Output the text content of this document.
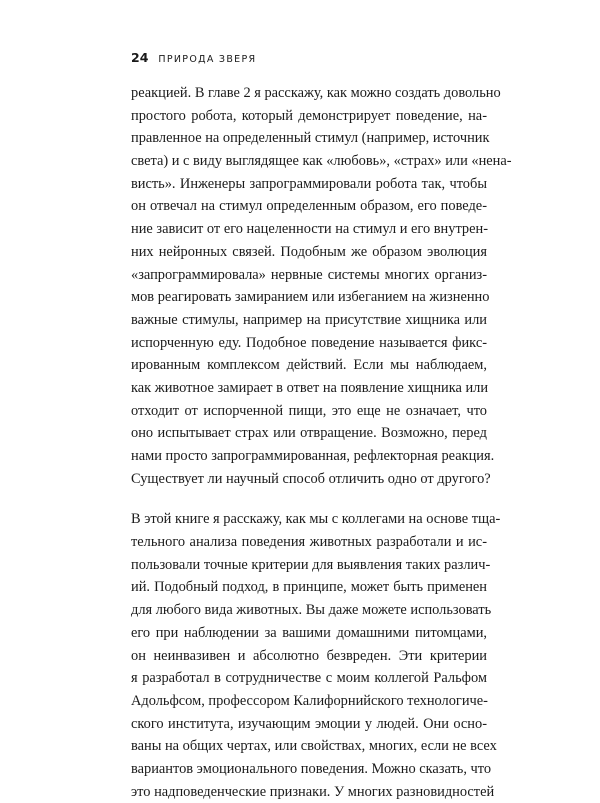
24 ПРИРОДА ЗВЕРЯ
реакцией. В главе 2 я расскажу, как можно создать довольно
простого робота, который демонстрирует поведение, на-
правленное на определенный стимул (например, источник
света) и с виду выглядящее как «любовь», «страх» или «нена-
висть». Инженеры запрограммировали робота так, чтобы
он отвечал на стимул определенным образом, его поведе-
ние зависит от его нацеленности на стимул и его внутрен-
них нейронных связей. Подобным же образом эволюция
«запрограммировала» нервные системы многих организ-
мов реагировать замиранием или избеганием на жизненно
важные стимулы, например на присутствие хищника или
испорченную еду. Подобное поведение называется фикс-
ированным комплексом действий. Если мы наблюдаем,
как животное замирает в ответ на появление хищника или
отходит от испорченной пищи, это еще не означает, что
оно испытывает страх или отвращение. Возможно, перед
нами просто запрограммированная, рефлекторная реакция.
Существует ли научный способ отличить одно от другого?
В этой книге я расскажу, как мы с коллегами на основе тща-
тельного анализа поведения животных разработали и ис-
пользовали точные критерии для выявления таких различ-
ий. Подобный подход, в принципе, может быть применен
для любого вида животных. Вы даже можете использовать
его при наблюдении за вашими домашними питомцами,
он неинвазивен и абсолютно безвреден. Эти критерии
я разработал в сотрудничестве с моим коллегой Ральфом
Адольфсом, профессором Калифорнийского технологиче-
ского института, изучающим эмоции у людей. Они осно-
ваны на общих чертах, или свойствах, многих, если не всех
вариантов эмоционального поведения. Можно сказать, что
это надповеденческие признаки. У многих разновидностей
